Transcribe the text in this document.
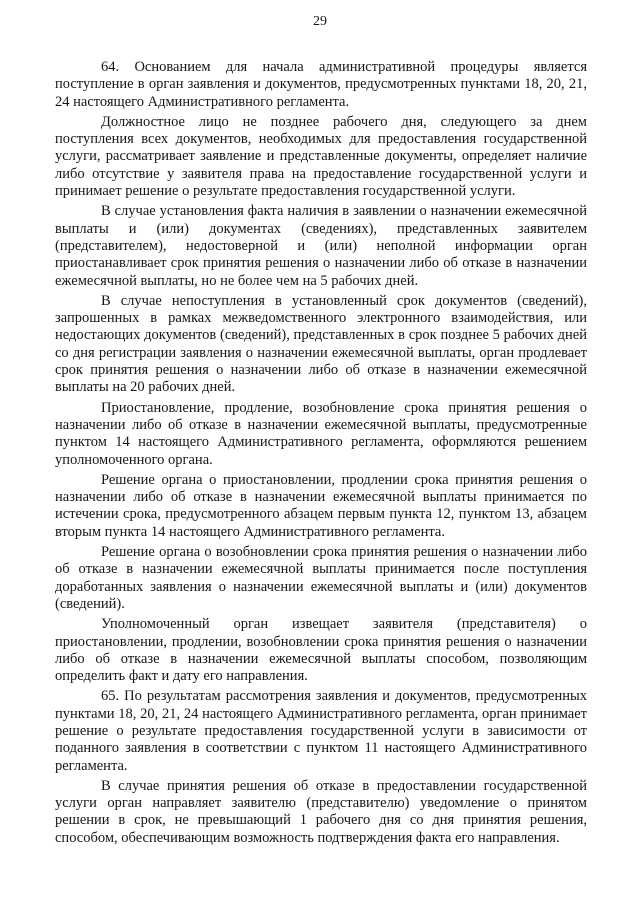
29

64. Основанием для начала административной процедуры является поступление в орган заявления и документов, предусмотренных пунктами 18, 20, 21, 24 настоящего Административного регламента.

Должностное лицо не позднее рабочего дня, следующего за днем поступления всех документов, необходимых для предоставления государственной услуги, рассматривает заявление и представленные документы, определяет наличие либо отсутствие у заявителя права на предоставление государственной услуги и принимает решение о результате предоставления государственной услуги.

В случае установления факта наличия в заявлении о назначении ежемесячной выплаты и (или) документах (сведениях), представленных заявителем (представителем), недостоверной и (или) неполной информации орган приостанавливает срок принятия решения о назначении либо об отказе в назначении ежемесячной выплаты, но не более чем на 5 рабочих дней.

В случае непоступления в установленный срок документов (сведений), запрошенных в рамках межведомственного электронного взаимодействия, или недостающих документов (сведений), представленных в срок позднее 5 рабочих дней со дня регистрации заявления о назначении ежемесячной выплаты, орган продлевает срок принятия решения о назначении либо об отказе в назначении ежемесячной выплаты на 20 рабочих дней.

Приостановление, продление, возобновление срока принятия решения о назначении либо об отказе в назначении ежемесячной выплаты, предусмотренные пунктом 14 настоящего Административного регламента, оформляются решением уполномоченного органа.

Решение органа о приостановлении, продлении срока принятия решения о назначении либо об отказе в назначении ежемесячной выплаты принимается по истечении срока, предусмотренного абзацем первым пункта 12, пунктом 13, абзацем вторым пункта 14 настоящего Административного регламента.

Решение органа о возобновлении срока принятия решения о назначении либо об отказе в назначении ежемесячной выплаты принимается после поступления доработанных заявления о назначении ежемесячной выплаты и (или) документов (сведений).

Уполномоченный орган извещает заявителя (представителя) о приостановлении, продлении, возобновлении срока принятия решения о назначении либо об отказе в назначении ежемесячной выплаты способом, позволяющим определить факт и дату его направления.

65. По результатам рассмотрения заявления и документов, предусмотренных пунктами 18, 20, 21, 24 настоящего Административного регламента, орган принимает решение о результате предоставления государственной услуги в зависимости от поданного заявления в соответствии с пунктом 11 настоящего Административного регламента.

В случае принятия решения об отказе в предоставлении государственной услуги орган направляет заявителю (представителю) уведомление о принятом решении в срок, не превышающий 1 рабочего дня со дня принятия решения, способом, обеспечивающим возможность подтверждения факта его направления.
